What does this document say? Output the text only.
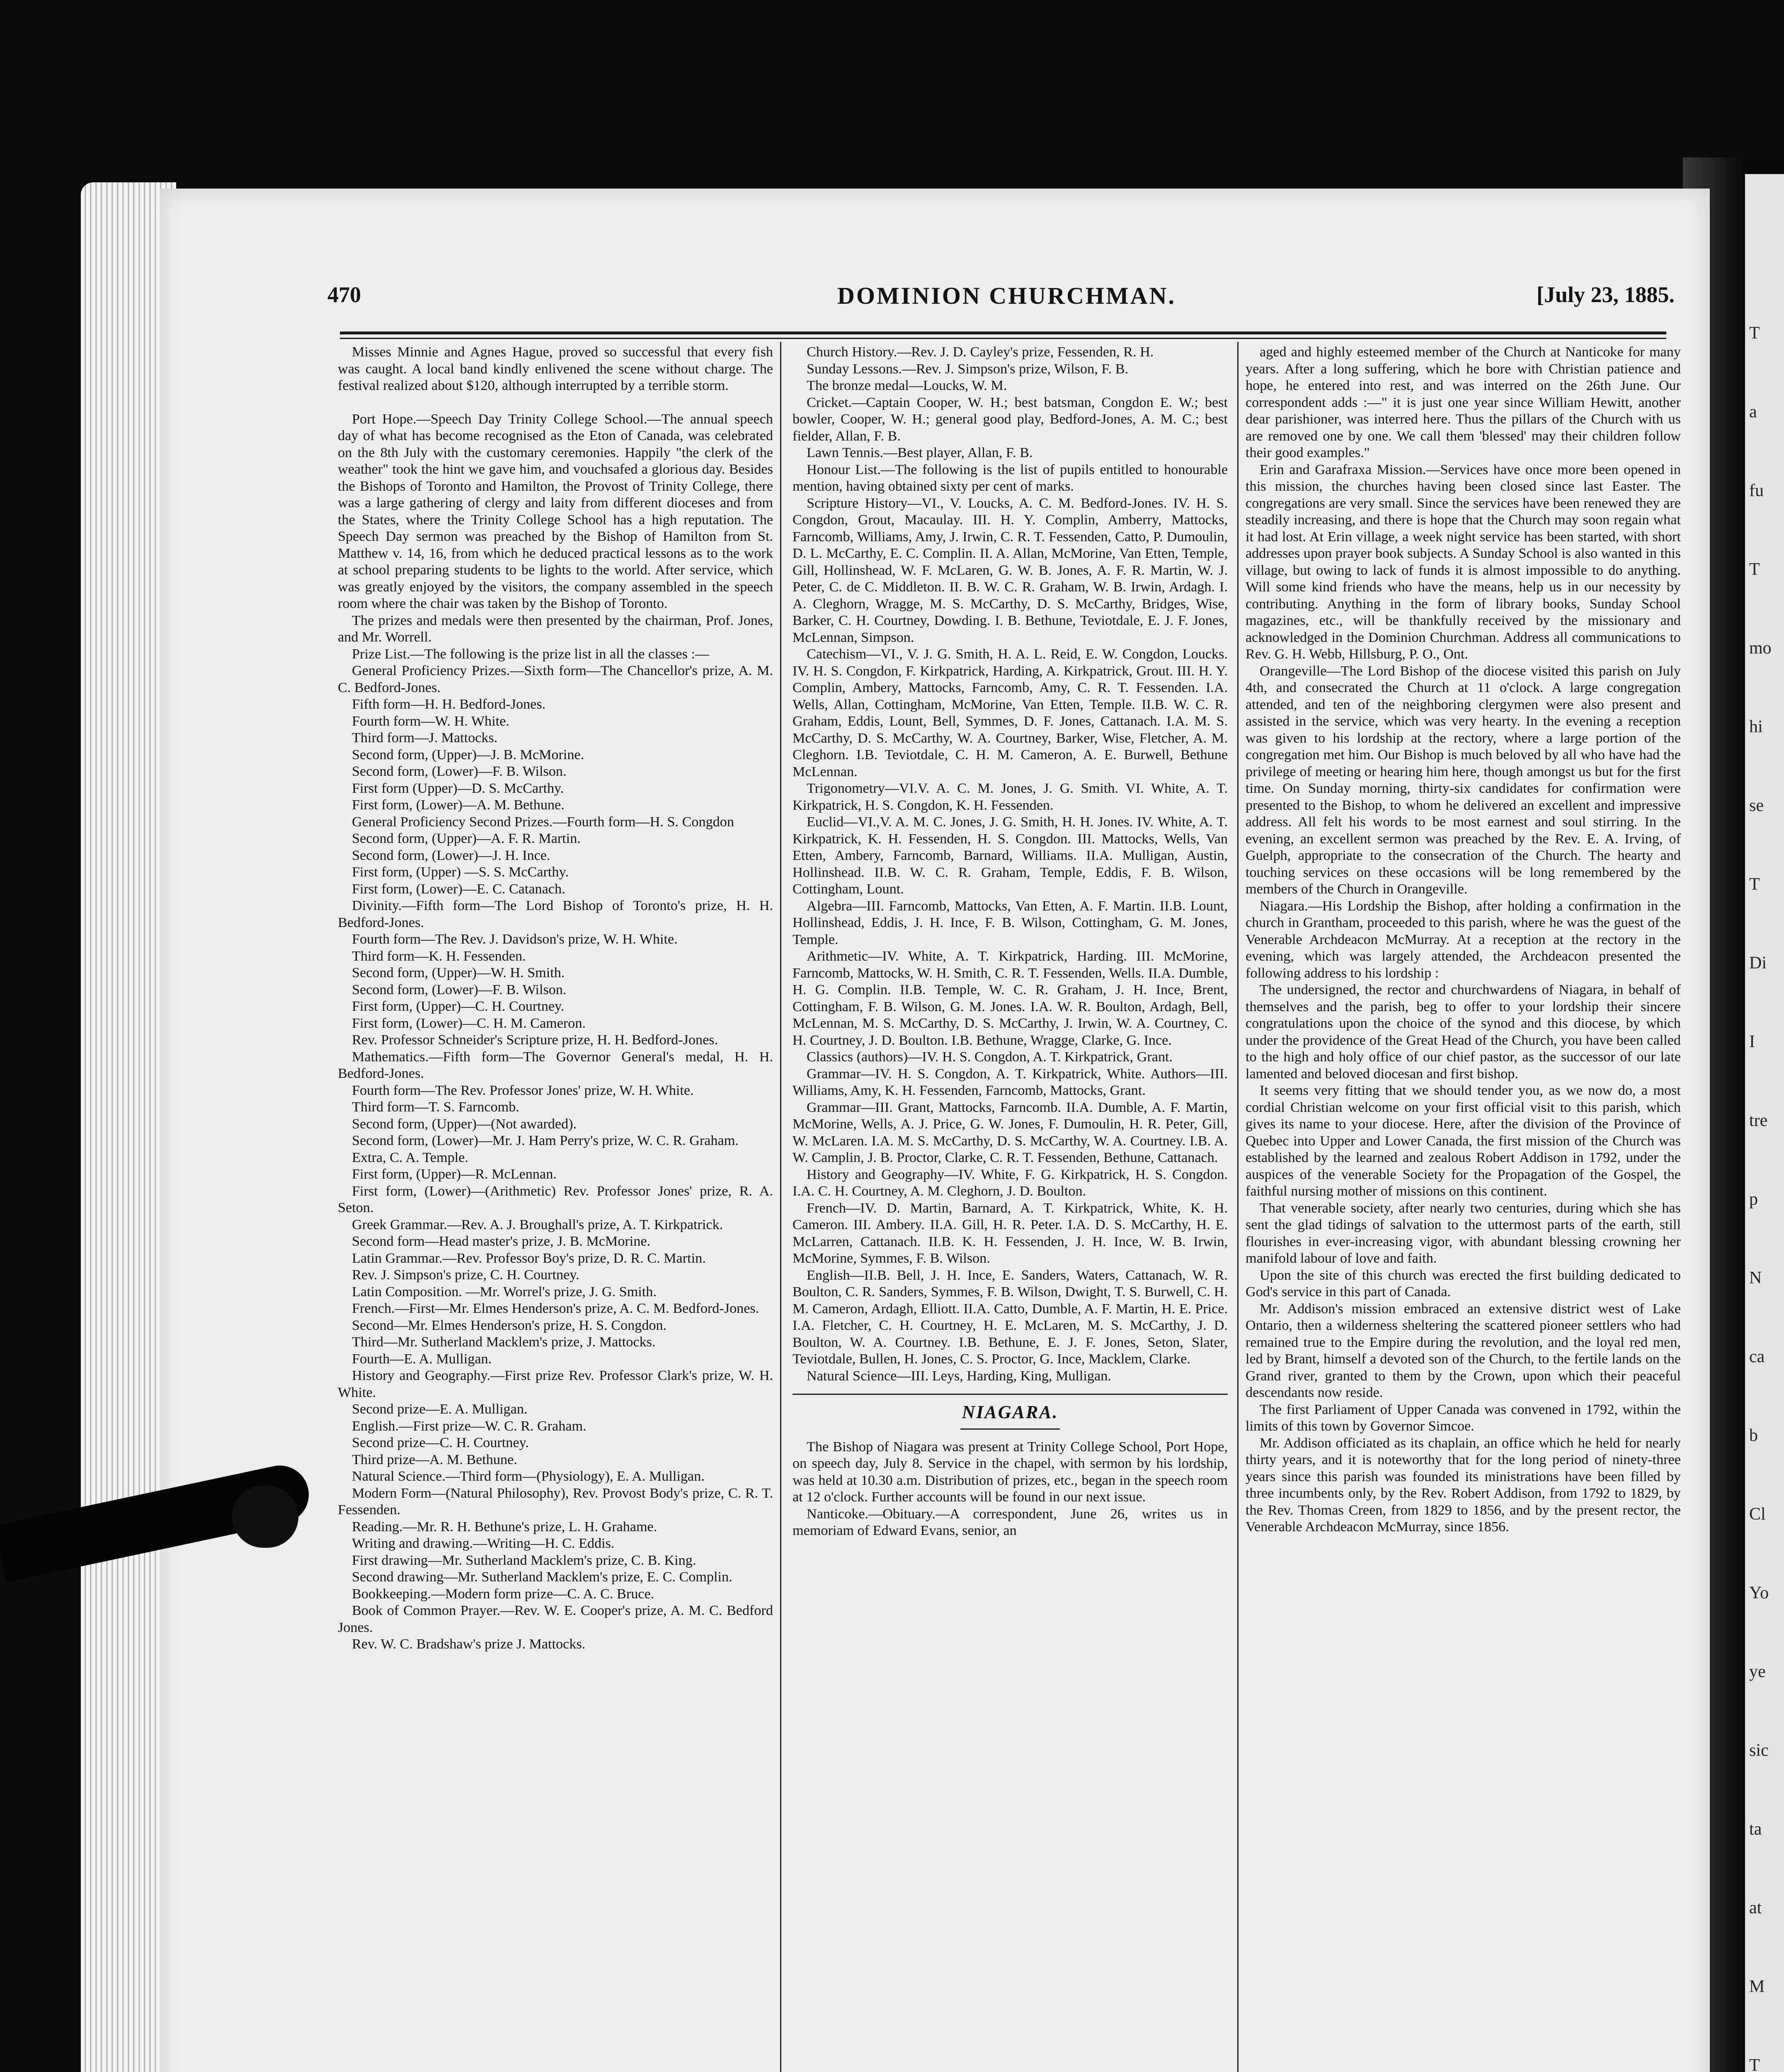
T
a
fu
T
mo
hi
se
T
Di
I
tre
p
N
ca
b
Cl
Yo
ye
sic
ta
at
M
T
470	DOMINION CHURCHMAN.	[July 23, 1885.

Misses Minnie and Agnes Hague, proved so successful that every fish was caught. A local band kindly enlivened the scene without charge. The festival realized about $120, although interrupted by a terrible storm.

Port Hope.—Speech Day Trinity College School.—The annual speech day of what has become recognised as the Eton of Canada, was celebrated on the 8th July with the customary ceremonies. Happily "the clerk of the weather" took the hint we gave him, and vouchsafed a glorious day. Besides the Bishops of Toronto and Hamilton, the Provost of Trinity College, there was a large gathering of clergy and laity from different dioceses and from the States, where the Trinity College School has a high reputation. The Speech Day sermon was preached by the Bishop of Hamilton from St. Matthew v. 14, 16, from which he deduced practical lessons as to the work at school preparing students to be lights to the world. After service, which was greatly enjoyed by the visitors, the company assembled in the speech room where the chair was taken by the Bishop of Toronto.

The prizes and medals were then presented by the chairman, Prof. Jones, and Mr. Worrell.

Prize List.—The following is the prize list in all the classes :—

General Proficiency Prizes.—Sixth form—The Chancellor's prize, A. M. C. Bedford-Jones.

Fifth form—H. H. Bedford-Jones.

Fourth form—W. H. White.

Third form—J. Mattocks.

Second form, (Upper)—J. B. McMorine.

Second form, (Lower)—F. B. Wilson.

First form (Upper)—D. S. McCarthy.

First form, (Lower)—A. M. Bethune.

General Proficiency Second Prizes.—Fourth form—H. S. Congdon

Second form, (Upper)—A. F. R. Martin.

Second form, (Lower)—J. H. Ince.

First form, (Upper) —S. S. McCarthy.

First form, (Lower)—E. C. Catanach.

Divinity.—Fifth form—The Lord Bishop of Toronto's prize, H. H. Bedford-Jones.

Fourth form—The Rev. J. Davidson's prize, W. H. White.

Third form—K. H. Fessenden.

Second form, (Upper)—W. H. Smith.

Second form, (Lower)—F. B. Wilson.

First form, (Upper)—C. H. Courtney.

First form, (Lower)—C. H. M. Cameron.

Rev. Professor Schneider's Scripture prize, H. H. Bedford-Jones.

Mathematics.—Fifth form—The Governor General's medal, H. H. Bedford-Jones.

Fourth form—The Rev. Professor Jones' prize, W. H. White.

Third form—T. S. Farncomb.

Second form, (Upper)—(Not awarded).

Second form, (Lower)—Mr. J. Ham Perry's prize, W. C. R. Graham.

Extra, C. A. Temple.

First form, (Upper)—R. McLennan.

First form, (Lower)—(Arithmetic) Rev. Professor Jones' prize, R. A. Seton.

Greek Grammar.—Rev. A. J. Broughall's prize, A. T. Kirkpatrick.

Second form—Head master's prize, J. B. McMorine.

Latin Grammar.—Rev. Professor Boy's prize, D. R. C. Martin.

Rev. J. Simpson's prize, C. H. Courtney.

Latin Composition. —Mr. Worrel's prize, J. G. Smith.

French.—First—Mr. Elmes Henderson's prize, A. C. M. Bedford-Jones.

Second—Mr. Elmes Henderson's prize, H. S. Congdon.

Third—Mr. Sutherland Macklem's prize, J. Mattocks.

Fourth—E. A. Mulligan.

History and Geography.—First prize Rev. Professor Clark's prize, W. H. White.

Second prize—E. A. Mulligan.

English.—First prize—W. C. R. Graham.

Second prize—C. H. Courtney.

Third prize—A. M. Bethune.

Natural Science.—Third form—(Physiology), E. A. Mulligan.

Modern Form—(Natural Philosophy), Rev. Provost Body's prize, C. R. T. Fessenden.

Reading.—Mr. R. H. Bethune's prize, L. H. Grahame.

Writing and drawing.—Writing—H. C. Eddis.

First drawing—Mr. Sutherland Macklem's prize, C. B. King.

Second drawing—Mr. Sutherland Macklem's prize, E. C. Complin.

Bookkeeping.—Modern form prize—C. A. C. Bruce.

Book of Common Prayer.—Rev. W. E. Cooper's prize, A. M. C. Bedford Jones.

Rev. W. C. Bradshaw's prize J. Mattocks.

Church History.—Rev. J. D. Cayley's prize, Fessenden, R. H.

Sunday Lessons.—Rev. J. Simpson's prize, Wilson, F. B.

The bronze medal—Loucks, W. M.

Cricket.—Captain Cooper, W. H.; best batsman, Congdon E. W.; best bowler, Cooper, W. H.; general good play, Bedford-Jones, A. M. C.; best fielder, Allan, F. B.

Lawn Tennis.—Best player, Allan, F. B.

Honour List.—The following is the list of pupils entitled to honourable mention, having obtained sixty per cent of marks.

Scripture History—VI., V. Loucks, A. C. M. Bedford-Jones. IV. H. S. Congdon, Grout, Macaulay. III. H. Y. Complin, Amberry, Mattocks, Farncomb, Williams, Amy, J. Irwin, C. R. T. Fessenden, Catto, P. Dumoulin, D. L. McCarthy, E. C. Complin. II. A. Allan, McMorine, Van Etten, Temple, Gill, Hollinshead, W. F. McLaren, G. W. B. Jones, A. F. R. Martin, W. J. Peter, C. de C. Middleton. II. B. W. C. R. Graham, W. B. Irwin, Ardagh. I. A. Cleghorn, Wragge, M. S. McCarthy, D. S. McCarthy, Bridges, Wise, Barker, C. H. Courtney, Dowding. I. B. Bethune, Teviotdale, E. J. F. Jones, McLennan, Simpson.

Catechism—VI., V. J. G. Smith, H. A. L. Reid, E. W. Congdon, Loucks. IV. H. S. Congdon, F. Kirkpatrick, Harding, A. Kirkpatrick, Grout. III. H. Y. Complin, Ambery, Mattocks, Farncomb, Amy, C. R. T. Fessenden. I.A. Wells, Allan, Cottingham, McMorine, Van Etten, Temple. II.B. W. C. R. Graham, Eddis, Lount, Bell, Symmes, D. F. Jones, Cattanach. I.A. M. S. McCarthy, D. S. McCarthy, W. A. Courtney, Barker, Wise, Fletcher, A. M. Cleghorn. I.B. Teviotdale, C. H. M. Cameron, A. E. Burwell, Bethune McLennan.

Trigonometry—VI.V. A. C. M. Jones, J. G. Smith. VI. White, A. T. Kirkpatrick, H. S. Congdon, K. H. Fessenden.

Euclid—VI.,V. A. M. C. Jones, J. G. Smith, H. H. Jones. IV. White, A. T. Kirkpatrick, K. H. Fessenden, H. S. Congdon. III. Mattocks, Wells, Van Etten, Ambery, Farncomb, Barnard, Williams. II.A. Mulligan, Austin, Hollinshead. II.B. W. C. R. Graham, Temple, Eddis, F. B. Wilson, Cottingham, Lount.

Algebra—III. Farncomb, Mattocks, Van Etten, A. F. Martin. II.B. Lount, Hollinshead, Eddis, J. H. Ince, F. B. Wilson, Cottingham, G. M. Jones, Temple.

Arithmetic—IV. White, A. T. Kirkpatrick, Harding. III. McMorine, Farncomb, Mattocks, W. H. Smith, C. R. T. Fessenden, Wells. II.A. Dumble, H. G. Complin. II.B. Temple, W. C. R. Graham, J. H. Ince, Brent, Cottingham, F. B. Wilson, G. M. Jones. I.A. W. R. Boulton, Ardagh, Bell, McLennan, M. S. McCarthy, D. S. McCarthy, J. Irwin, W. A. Courtney, C. H. Courtney, J. D. Boulton. I.B. Bethune, Wragge, Clarke, G. Ince.

Classics (authors)—IV. H. S. Congdon, A. T. Kirkpatrick, Grant.

Grammar—IV. H. S. Congdon, A. T. Kirkpatrick, White. Authors—III. Williams, Amy, K. H. Fessenden, Farncomb, Mattocks, Grant.

Grammar—III. Grant, Mattocks, Farncomb. II.A. Dumble, A. F. Martin, McMorine, Wells, A. J. Price, G. W. Jones, F. Dumoulin, H. R. Peter, Gill, W. McLaren. I.A. M. S. McCarthy, D. S. McCarthy, W. A. Courtney. I.B. A. W. Camplin, J. B. Proctor, Clarke, C. R. T. Fessenden, Bethune, Cattanach.

History and Geography—IV. White, F. G. Kirkpatrick, H. S. Congdon. I.A. C. H. Courtney, A. M. Cleghorn, J. D. Boulton.

French—IV. D. Martin, Barnard, A. T. Kirkpatrick, White, K. H. Cameron. III. Ambery. II.A. Gill, H. R. Peter. I.A. D. S. McCarthy, H. E. McLarren, Cattanach. II.B. K. H. Fessenden, J. H. Ince, W. B. Irwin, McMorine, Symmes, F. B. Wilson.

English—II.B. Bell, J. H. Ince, E. Sanders, Waters, Cattanach, W. R. Boulton, C. R. Sanders, Symmes, F. B. Wilson, Dwight, T. S. Burwell, C. H. M. Cameron, Ardagh, Elliott. II.A. Catto, Dumble, A. F. Martin, H. E. Price. I.A. Fletcher, C. H. Courtney, H. E. McLaren, M. S. McCarthy, J. D. Boulton, W. A. Courtney. I.B. Bethune, E. J. F. Jones, Seton, Slater, Teviotdale, Bullen, H. Jones, C. S. Proctor, G. Ince, Macklem, Clarke.

Natural Science—III. Leys, Harding, King, Mulligan.

NIAGARA.

The Bishop of Niagara was present at Trinity College School, Port Hope, on speech day, July 8. Service in the chapel, with sermon by his lordship, was held at 10.30 a.m. Distribution of prizes, etc., began in the speech room at 12 o'clock. Further accounts will be found in our next issue.

Nanticoke.—Obituary.—A correspondent, June 26, writes us in memoriam of Edward Evans, senior, an

aged and highly esteemed member of the Church at Nanticoke for many years. After a long suffering, which he bore with Christian patience and hope, he entered into rest, and was interred on the 26th June. Our correspondent adds :—" it is just one year since William Hewitt, another dear parishioner, was interred here. Thus the pillars of the Church with us are removed one by one. We call them 'blessed' may their children follow their good examples."

Erin and Garafraxa Mission.—Services have once more been opened in this mission, the churches having been closed since last Easter. The congregations are very small. Since the services have been renewed they are steadily increasing, and there is hope that the Church may soon regain what it had lost. At Erin village, a week night service has been started, with short addresses upon prayer book subjects. A Sunday School is also wanted in this village, but owing to lack of funds it is almost impossible to do anything. Will some kind friends who have the means, help us in our necessity by contributing. Anything in the form of library books, Sunday School magazines, etc., will be thankfully received by the missionary and acknowledged in the Dominion Churchman. Address all communications to Rev. G. H. Webb, Hillsburg, P. O., Ont.

Orangeville—The Lord Bishop of the diocese visited this parish on July 4th, and consecrated the Church at 11 o'clock. A large congregation attended, and ten of the neighboring clergymen were also present and assisted in the service, which was very hearty. In the evening a reception was given to his lordship at the rectory, where a large portion of the congregation met him. Our Bishop is much beloved by all who have had the privilege of meeting or hearing him here, though amongst us but for the first time. On Sunday morning, thirty-six candidates for confirmation were presented to the Bishop, to whom he delivered an excellent and impressive address. All felt his words to be most earnest and soul stirring. In the evening, an excellent sermon was preached by the Rev. E. A. Irving, of Guelph, appropriate to the consecration of the Church. The hearty and touching services on these occasions will be long remembered by the members of the Church in Orangeville.

Niagara.—His Lordship the Bishop, after holding a confirmation in the church in Grantham, proceeded to this parish, where he was the guest of the Venerable Archdeacon McMurray. At a reception at the rectory in the evening, which was largely attended, the Archdeacon presented the following address to his lordship :

The undersigned, the rector and churchwardens of Niagara, in behalf of themselves and the parish, beg to offer to your lordship their sincere congratulations upon the choice of the synod and this diocese, by which under the providence of the Great Head of the Church, you have been called to the high and holy office of our chief pastor, as the successor of our late lamented and beloved diocesan and first bishop.

It seems very fitting that we should tender you, as we now do, a most cordial Christian welcome on your first official visit to this parish, which gives its name to your diocese. Here, after the division of the Province of Quebec into Upper and Lower Canada, the first mission of the Church was established by the learned and zealous Robert Addison in 1792, under the auspices of the venerable Society for the Propagation of the Gospel, the faithful nursing mother of missions on this continent.

That venerable society, after nearly two centuries, during which she has sent the glad tidings of salvation to the uttermost parts of the earth, still flourishes in ever-increasing vigor, with abundant blessing crowning her manifold labour of love and faith.

Upon the site of this church was erected the first building dedicated to God's service in this part of Canada.

Mr. Addison's mission embraced an extensive district west of Lake Ontario, then a wilderness sheltering the scattered pioneer settlers who had remained true to the Empire during the revolution, and the loyal red men, led by Brant, himself a devoted son of the Church, to the fertile lands on the Grand river, granted to them by the Crown, upon which their peaceful descendants now reside.

The first Parliament of Upper Canada was convened in 1792, within the limits of this town by Governor Simcoe.

Mr. Addison officiated as its chaplain, an office which he held for nearly thirty years, and it is noteworthy that for the long period of ninety-three years since this parish was founded its ministrations have been filled by three incumbents only, by the Rev. Robert Addison, from 1792 to 1829, by the Rev. Thomas Creen, from 1829 to 1856, and by the present rector, the Venerable Archdeacon McMurray, since 1856.
